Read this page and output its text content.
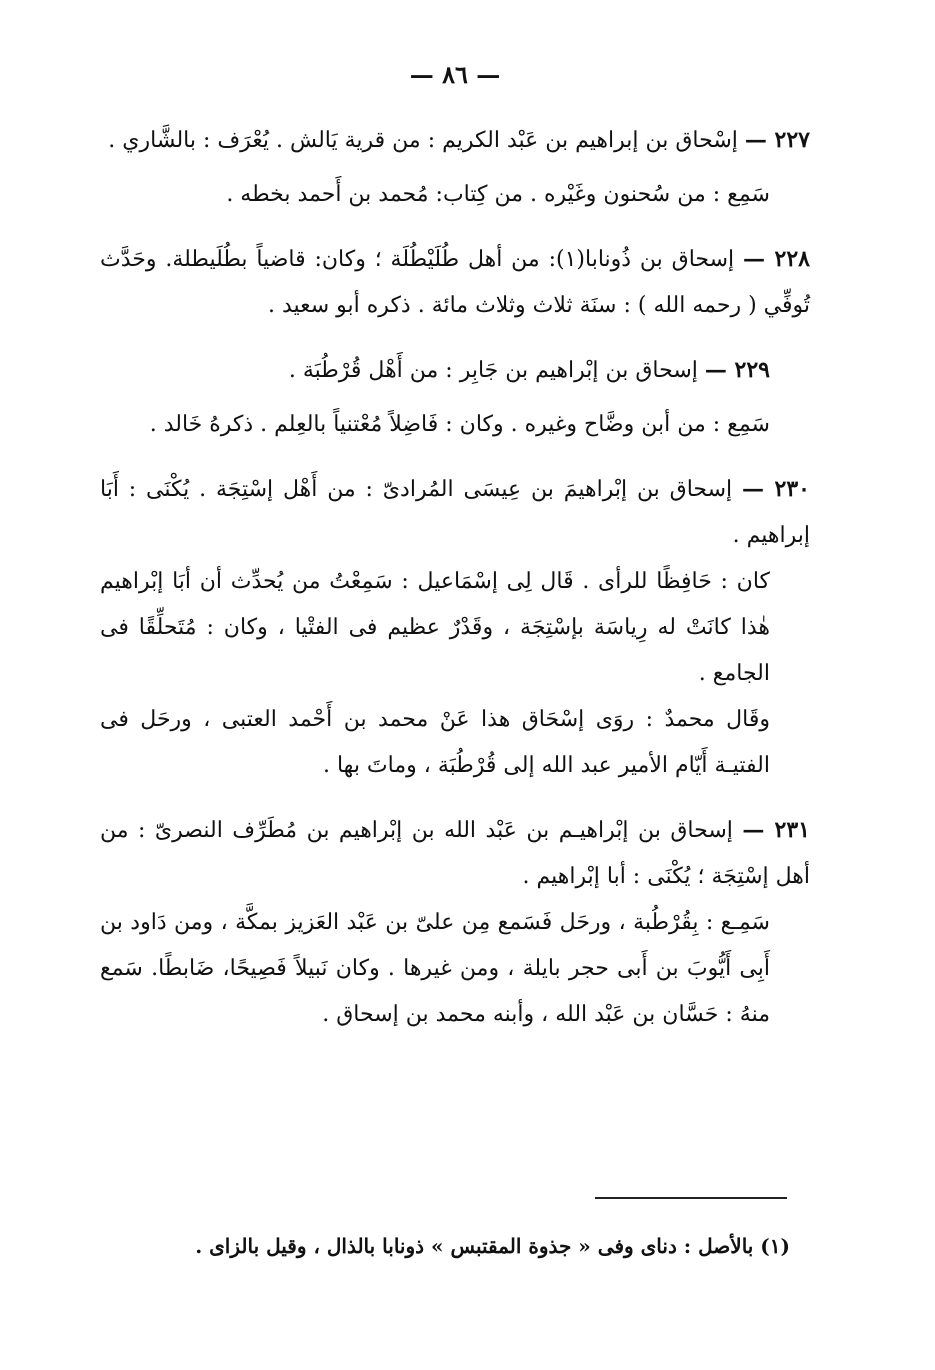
— ٨٦ —

٢٢٧ — إسْحاق بن إبراهيم بن عَبْد الكريم : من قرية يَالش . يُعْرَف : بالشَّاري .

سَمِع : من سُحنون وغَيْره . من كِتاب: مُحمد بن أَحمد بخطه .

٢٢٨ — إسحاق بن ذُونابا(١): من أهل طُلَيْطُلَة ؛ وكان: قاضياً بطُلَيطلة. وحَدَّث تُوفِّي ( رحمه الله ) : سنَة ثلاث وثلاث مائة . ذكره أبو سعيد .

٢٢٩ — إسحاق بن إبْراهيم بن جَابِر : من أَهْل قُرْطُبَة .

سَمِع : من أبن وضَّاح وغيره . وكان : فَاضِلاً مُعْتنياً بالعِلم . ذكرهُ خَالد .

٢٣٠ — إسحاق بن إبْراهيمَ بن عِيسَى المُرادىّ : من أَهْل إسْتِجَة . يُكْنَى : أَبَا إبراهيم .

كان : حَافِظًا للرأى . قَال لِى إسْمَاعيل : سَمِعْتُ من يُحدِّث أن أبَا إبْراهيم هٰذا كانَتْ له رِياسَة بإسْتِجَة ، وقَدْرٌ عظيم فى الفتْيا ، وكان : مُتَحلِّقًا فى الجامع .

وقَال محمدٌ : روَى إسْحَاق هذا عَنْ محمد بن أَحْمد العتبى ، ورحَل فى الفتيـة أَيّام الأمير عبد الله إلى قُرْطُبَة ، وماتَ بها .

٢٣١ — إسحاق بن إبْراهيـم بن عَبْد الله بن إبْراهيم بن مُطَرِّف النصرىّ : من أهل إسْتِجَة ؛ يُكْنَى : أبا إبْراهيم .

سَمِـع : بِقُرْطُبة ، ورحَل فَسَمع مِن علىّ بن عَبْد العَزيز بمكَّة ، ومن دَاود بن أَبِى أَيُّوبَ بن أَبى حجر بايلة ، ومن غيرها . وكان نَبيلاً فَصِيحًا، ضَابطًا. سَمع منهُ : حَسَّان بن عَبْد الله ، وأبنه محمد بن إسحاق .

(١) بالأصل : دناى وفى « جذوة المقتبس » ذونابا بالذال ، وقيل بالزاى .
